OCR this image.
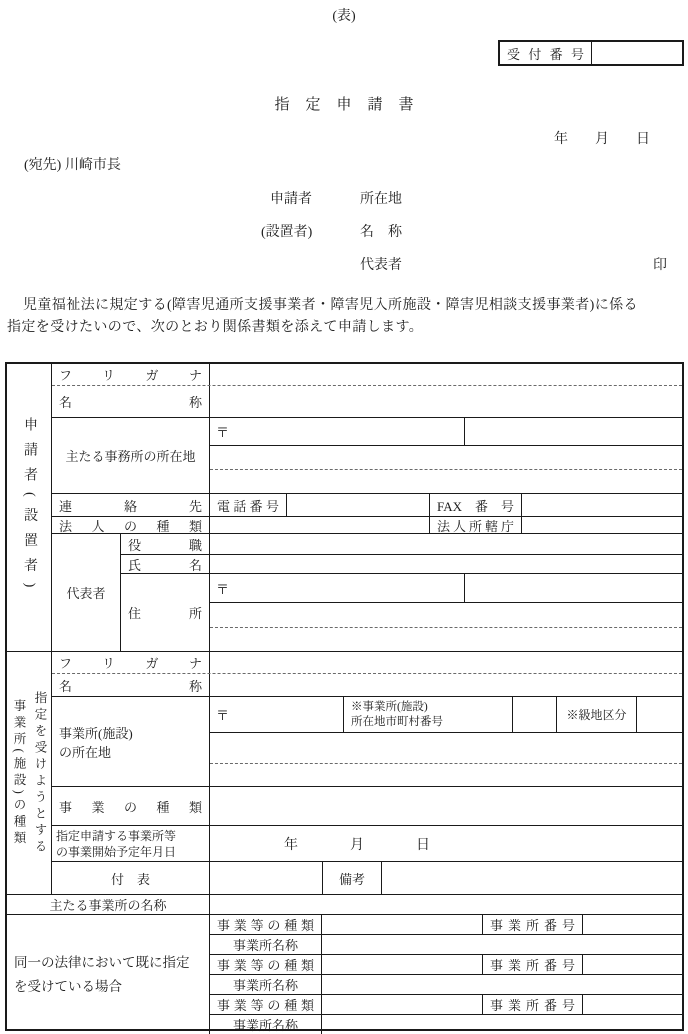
(表)
受付番号
指定申請書
年 月 日
(宛先) 川崎市長
申請者
(設置者)
所在地
名　称
代表者	印
児童福祉法に規定する(障害児通所支援事業者・障害児入所施設・障害児相談支援事業者)に係る
指定を受けたいので、次のとおり関係書類を添えて申請します。
申請者(設置者)
フリガナ
名称
主たる事務所の所在地
〒
連絡先 電話番号	FAX番号
法人の種類	法人所轄庁
代表者
役職
氏名
住所
〒
指定を受けようとする
事業所(施設)の種類
フリガナ
名称
事業所(施設)
の所在地
〒
※事業所(施設)
所在地市町村番号	※級地区分
事業の種類
指定申請する事業所等
の事業開始予定年月日	年	月	日
付　表	備考
主たる事業所の名称
同一の法律において既に指定
を受けている場合
事業等の種類	事業所番号
事業所名称
事業等の種類	事業所番号
事業所名称
事業等の種類	事業所番号
事業所名称
